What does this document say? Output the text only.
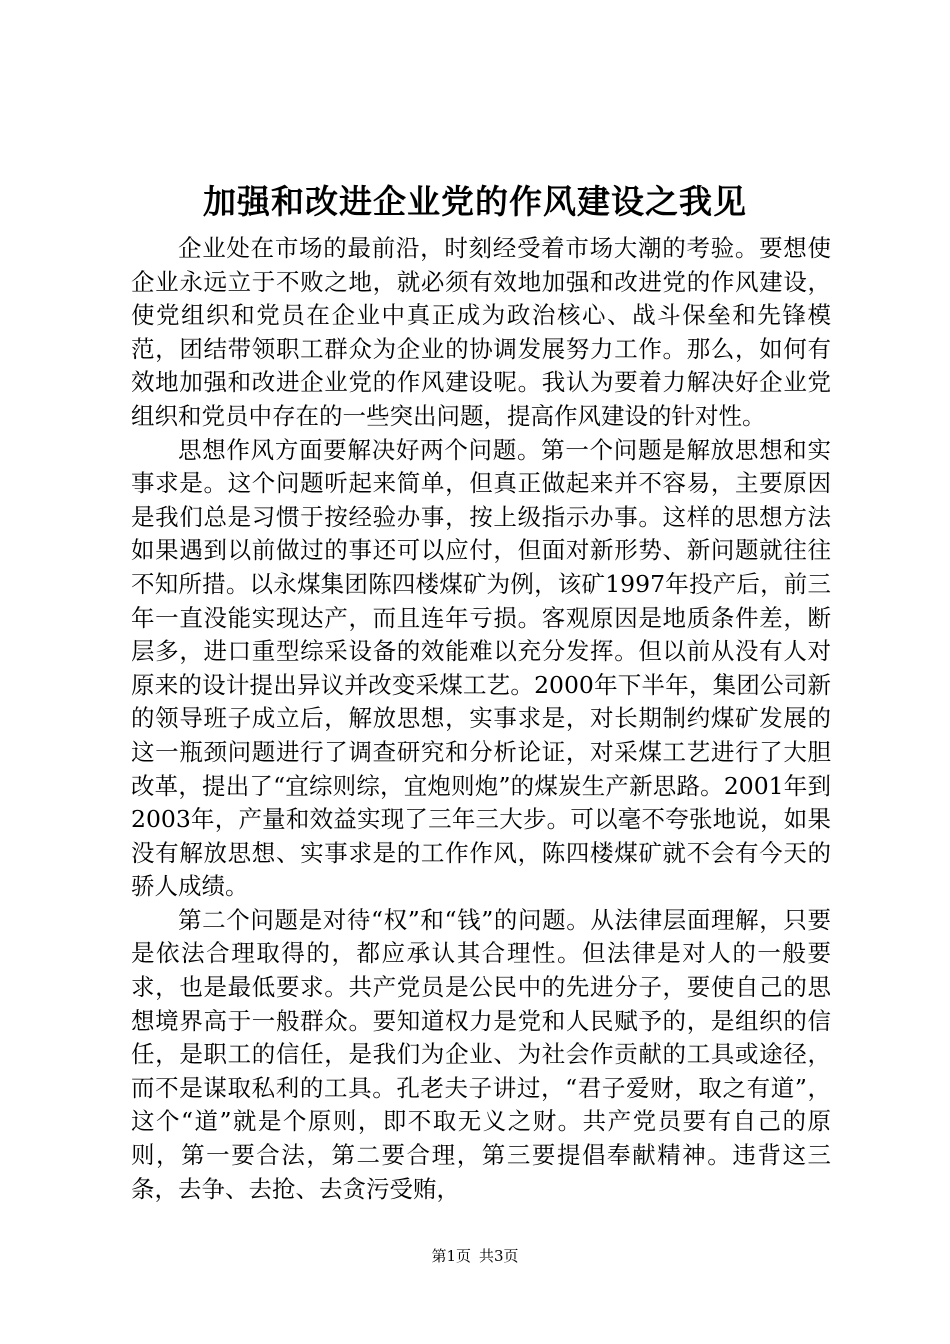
加强和改进企业党的作风建设之我见

企业处在市场的最前沿，时刻经受着市场大潮的考验。要想使企业永远立于不败之地，就必须有效地加强和改进党的作风建设，使党组织和党员在企业中真正成为政治核心、战斗保垒和先锋模范，团结带领职工群众为企业的协调发展努力工作。那么，如何有效地加强和改进企业党的作风建设呢。我认为要着力解决好企业党组织和党员中存在的一些突出问题，提高作风建设的针对性。

思想作风方面要解决好两个问题。第一个问题是解放思想和实事求是。这个问题听起来简单，但真正做起来并不容易，主要原因是我们总是习惯于按经验办事，按上级指示办事。这样的思想方法如果遇到以前做过的事还可以应付，但面对新形势、新问题就往往不知所措。以永煤集团陈四楼煤矿为例，该矿1997年投产后，前三年一直没能实现达产，而且连年亏损。客观原因是地质条件差，断层多，进口重型综采设备的效能难以充分发挥。但以前从没有人对原来的设计提出异议并改变采煤工艺。2000年下半年，集团公司新的领导班子成立后，解放思想，实事求是，对长期制约煤矿发展的这一瓶颈问题进行了调查研究和分析论证，对采煤工艺进行了大胆改革，提出了“宜综则综，宜炮则炮”的煤炭生产新思路。2001年到2003年，产量和效益实现了三年三大步。可以毫不夸张地说，如果没有解放思想、实事求是的工作作风，陈四楼煤矿就不会有今天的骄人成绩。

第二个问题是对待“权”和“钱”的问题。从法律层面理解，只要是依法合理取得的，都应承认其合理性。但法律是对人的一般要求，也是最低要求。共产党员是公民中的先进分子，要使自己的思想境界高于一般群众。要知道权力是党和人民赋予的，是组织的信任，是职工的信任，是我们为企业、为社会作贡献的工具或途径，而不是谋取私利的工具。孔老夫子讲过，“君子爱财，取之有道”，这个“道”就是个原则，即不取无义之财。共产党员要有自己的原则，第一要合法，第二要合理，第三要提倡奉献精神。违背这三条，去争、去抢、去贪污受贿，

第1页 共3页
